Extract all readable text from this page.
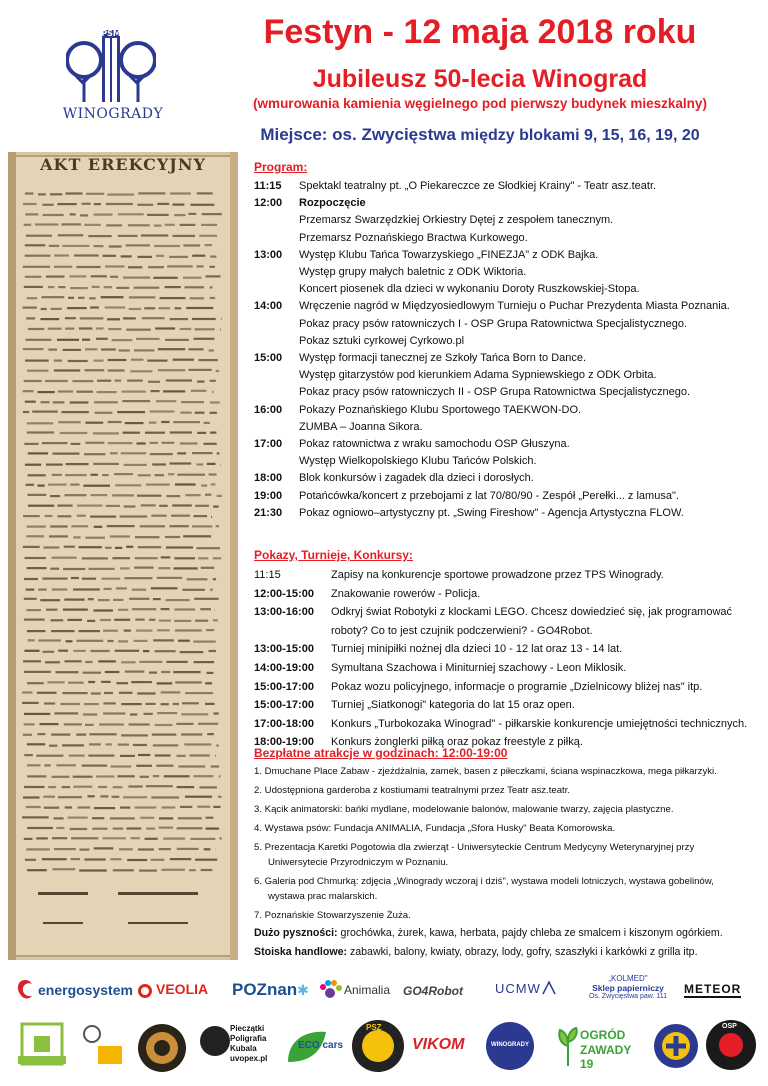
PSM
WINOGRADY
Festyn - 12 maja 2018 roku
Jubileusz 50-lecia Winograd
(wmurowania kamienia węgielnego pod pierwszy budynek mieszkalny)
Miejsce: os. Zwycięstwa między blokami 9, 15, 16, 19, 20
AKT EREKCYJNY	Program:
11:15	Spektakl teatralny pt. „O Piekareczce ze Słodkiej Krainy" - Teatr asz.teatr.
12:00	Rozpoczęcie
Przemarsz Swarzędzkiej Orkiestry Dętej z zespołem tanecznym.
Przemarsz Poznańskiego Bractwa Kurkowego.
13:00	Występ Klubu Tańca Towarzyskiego „FINEZJA" z ODK Bajka.
Występ grupy małych baletnic z ODK Wiktoria.
Koncert piosenek dla dzieci w wykonaniu Doroty Ruszkowskiej-Stopa.
14:00	Wręczenie nagród w Międzyosiedlowym Turnieju o Puchar Prezydenta Miasta Poznania.
Pokaz pracy psów ratowniczych I - OSP Grupa Ratownictwa Specjalistycznego.
Pokaz sztuki cyrkowej Cyrkowo.pl
15:00	Występ formacji tanecznej ze Szkoły Tańca Born to Dance.
Występ gitarzystów pod kierunkiem Adama Sypniewskiego z ODK Orbita.
Pokaz pracy psów ratowniczych II - OSP Grupa Ratownictwa Specjalistycznego.
16:00	Pokazy Poznańskiego Klubu Sportowego TAEKWON-DO.
ZUMBA – Joanna Sikora.
17:00	Pokaz ratownictwa z wraku samochodu OSP Głuszyna.
Występ Wielkopolskiego Klubu Tańców Polskich.
18:00	Blok konkursów i zagadek dla dzieci i dorosłych.
19:00	Potańcówka/koncert z przebojami z lat 70/80/90 - Zespół „Perełki... z lamusa".
21:30	Pokaz ogniowo–artystyczny pt. „Swing Fireshow" - Agencja Artystyczna FLOW.
Pokazy, Turnieje, Konkursy:
11:15	Zapisy na konkurencje sportowe prowadzone przez TPS Winogrady.
12:00-15:00	Znakowanie rowerów - Policja.
13:00-16:00	Odkryj świat Robotyki z klockami LEGO. Chcesz dowiedzieć się, jak programować roboty? Co to jest czujnik podczerwieni? - GO4Robot.
13:00-15:00	Turniej minipiłki nożnej dla dzieci 10 - 12 lat oraz 13 - 14 lat.
14:00-19:00	Symultana Szachowa i Miniturniej szachowy - Leon Miklosik.
15:00-17:00	Pokaz wozu policyjnego, informacje o programie „Dzielnicowy bliżej nas" itp.
15:00-17:00	Turniej „Siatkonogi" kategoria do lat 15 oraz open.
17:00-18:00	Konkurs „Turbokozaka Winograd" - piłkarskie konkurencje umiejętności technicznych.
18:00-19:00	Konkurs żonglerki piłką oraz pokaz freestyle z piłką.
Bezpłatne atrakcje w godzinach: 12:00-19:00
1. Dmuchane Place Zabaw - zjeżdżalnia, zamek, basen z piłeczkami, ściana wspinaczkowa, mega piłkarzyki.
2. Udostępniona garderoba z kostiumami teatralnymi przez Teatr asz.teatr.
3. Kącik animatorski: bańki mydlane, modelowanie balonów, malowanie twarzy, zajęcia plastyczne.
4. Wystawa psów: Fundacja ANIMALIA, Fundacja „Sfora Husky" Beata Komorowska.
5. Prezentacja Karetki Pogotowia dla zwierząt - Uniwersyteckie Centrum Medycyny Weterynaryjnej przy
Uniwersytecie Przyrodniczym w Poznaniu.
6. Galeria pod Chmurką: zdjęcia „Winogrady wczoraj i dziś", wystawa modeli lotniczych, wystawa gobelinów,
wystawa prac malarskich.
7. Poznańskie Stowarzyszenie Żuża.
Dużo pyszności: grochówka, żurek, kawa, herbata, pajdy chleba ze smalcem i kiszonym ogórkiem.
Stoiska handlowe: zabawki, balony, kwiaty, obrazy, lody, gofry, szaszłyki i karkówki z grilla itp.
energosystem VEOLIA POZnan ✱	Animalia GO4Robot UCMW
„KOLMED"
Sklep papierniczy
Os. Zwycięstwa paw. 111
METEOR
Pieczątki Poligrafia Kubala uvopex.pl
ECO cars
PSZ
VIKOM	WINOGRADY
OGRÓD
ZAWADY 19
OSP
